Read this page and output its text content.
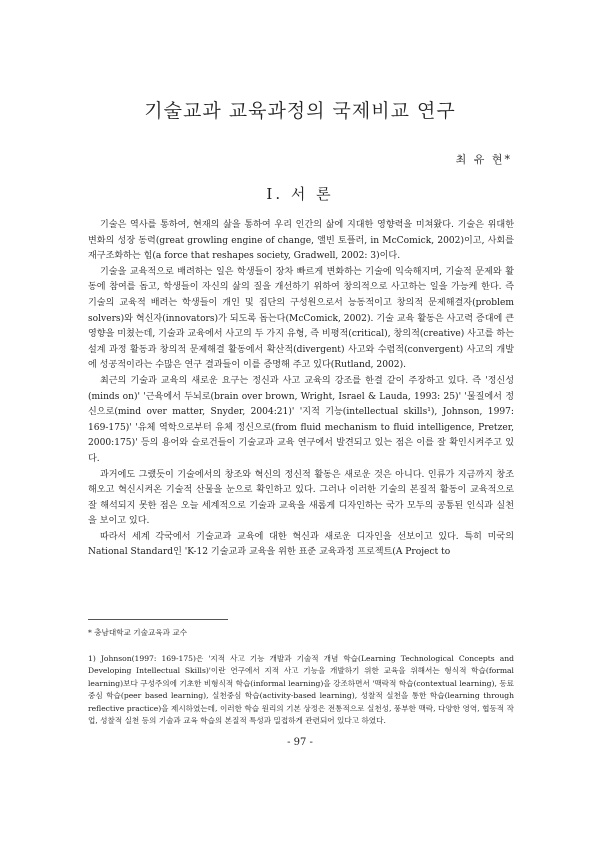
기술교과 교육과정의 국제비교 연구
최 유 현*
Ⅰ. 서 론

기술은 역사를 통하여, 현재의 삶을 통하여 우리 인간의 삶에 지대한 영향력을 미쳐왔다. 기술은 위대한 변화의 성장 동력(great growling engine of change, 앨빈 토플러, in McComick, 2002)이고, 사회를 재구조화하는 힘(a force that reshapes society, Gradwell, 2002: 3)이다.

기술을 교육적으로 배려하는 일은 학생들이 장차 빠르게 변화하는 기술에 익숙해지며, 기술적 문제와 활동에 참여를 돕고, 학생들이 자신의 삶의 질을 개선하기 위하여 창의적으로 사고하는 일을 가능케 한다. 즉 기술의 교육적 배려는 학생들이 개인 및 집단의 구성원으로서 능동적이고 창의적 문제해결자(problem solvers)와 혁신자(innovators)가 되도록 돕는다(McComick, 2002). 기술 교육 활동은 사고력 증대에 큰 영향을 미쳤는데, 기술과 교육에서 사고의 두 가지 유형, 즉 비평적(critical), 창의적(creative) 사고를 하는 설계 과정 활동과 창의적 문제해결 활동에서 확산적(divergent) 사고와 수렴적(convergent) 사고의 개발에 성공적이라는 수많은 연구 결과들이 이를 증명해 주고 있다(Rutland, 2002).

최근의 기술과 교육의 새로운 요구는 정신과 사고 교육의 강조를 한결 같이 주장하고 있다. 즉 '정신성(minds on)' '근육에서 두뇌로(brain over brown, Wright, Israel & Lauda, 1993: 25)' '물질에서 정신으로(mind over matter, Snyder, 2004:21)' '지적 기능(intellectual skills¹), Johnson, 1997: 169-175)' '유체 역학으로부터 유체 정신으로(from fluid mechanism to fluid intelligence, Pretzer, 2000:175)' 등의 용어와 슬로건들이 기술교과 교육 연구에서 발견되고 있는 점은 이를 잘 확인시켜주고 있다.

과거에도 그랬듯이 기술에서의 창조와 혁신의 정신적 활동은 새로운 것은 아니다. 인류가 지금까지 창조해오고 혁신시켜온 기술적 산물을 눈으로 확인하고 있다. 그러나 이러한 기술의 본질적 활동이 교육적으로 잘 해석되지 못한 점은 오늘 세계적으로 기술과 교육을 새롭게 디자인하는 국가 모두의 공통된 인식과 실천을 보이고 있다.

따라서 세계 각국에서 기술교과 교육에 대한 혁신과 새로운 디자인을 선보이고 있다. 특히 미국의 National Standard인 'K-12 기술교과 교육을 위한 표준 교육과정 프로젝트(A Project to

* 충남대학교 기술교육과 교수
1) Johnson(1997: 169-175)은 '지적 사고 기능 개발과 기술적 개념 학습(Learning Technological Concepts and Developing Intellectual Skills)'이란 연구에서 지적 사고 기능을 개발하기 위한 교육을 위해서는 형식적 학습(formal learning)보다 구성주의에 기초한 비형식적 학습(informal learning)을 강조하면서 '맥락적 학습(contextual learning), 동료중심 학습(peer based learning), 실천중심 학습(activity-based learning), 성찰적 실천을 통한 학습(learning through reflective practice)을 제시하였는데, 이러한 학습 원리의 기본 상정은 전통적으로 실천성, 풍부한 맥락, 다양한 영역, 협동적 작업, 성찰적 실천 등의 기술과 교육 학습의 본질적 특성과 밀접하게 관련되어 있다고 하였다.
- 97 -
